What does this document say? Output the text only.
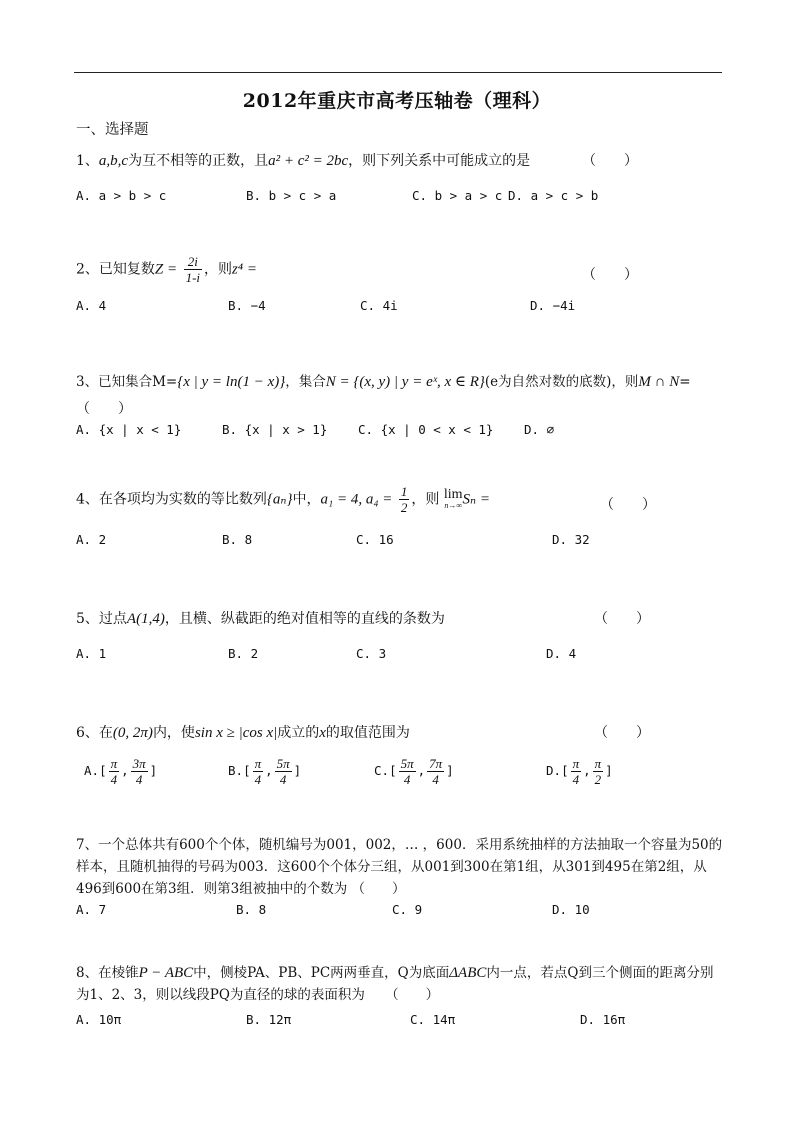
2012年重庆市高考压轴卷（理科）
一、选择题
1、a,b,c为互不相等的正数，且a² + c² = 2bc，则下列关系中可能成立的是	（　　）
A. a > b > c	B. b > c > a	C. b > a > c D. a > c > b
2、已知复数$Z = \frac{2i}{1-i}$ ，则z⁴ =	（　　）
A. 4	B. −4	C. 4i	D. −4i
3、已知集合M={x | y = ln(1 − x)}，集合N = {(x, y) | y = eˣ, x ∈ R}(e为自然对数的底数)，则M ∩ N=
（　　）
A. {x | x < 1}	B. {x | x > 1} C. {x | 0 < x < 1} D. ∅
4、在各项均为实数的等比数列{aₙ}中，a₁ = 4, $a_4 = \frac{1}{2}$ ，则 lim
n→∞ Sₙ =	（　　）
A. 2	B. 8	C. 16	D. 32
5、过点A(1,4)，且横、纵截距的绝对值相等的直线的条数为	（　　）
A. 1	B. 2	C. 3	D. 4
6、在(0, 2π)内，使sin x ≥ |cos x|成立的x的取值范围为	（　　）
$A.[ \frac{\pi}{4}$ , $\frac{3\pi}{4}$ ]	$B.[ \frac{\pi}{4}$ , $\frac{5\pi}{4}$ ]	$C.[ \frac{5\pi}{4}$ , $\frac{7\pi}{4}$ ]	$D.[ \frac{\pi}{4}$ , $\frac{\pi}{2}$ ]
7、一个总体共有600个个体，随机编号为001，002，… ，600．采用系统抽样的方法抽取一个容量为50的样本，且随机抽得的号码为003．这600个个体分三组，从001到300在第1组，从301到495在第2组，从496到600在第3组．则第3组被抽中的个数为 （　　）
A. 7	B. 8	C. 9	D. 10
8、在棱锥P − ABC中，侧棱PA、PB、PC两两垂直，Q为底面ΔABC内一点，若点Q到三个侧面的距离分别为1、2、3，则以线段PQ为直径的球的表面积为　　 （　　）
A. 10π	B. 12π	C. 14π	D. 16π
